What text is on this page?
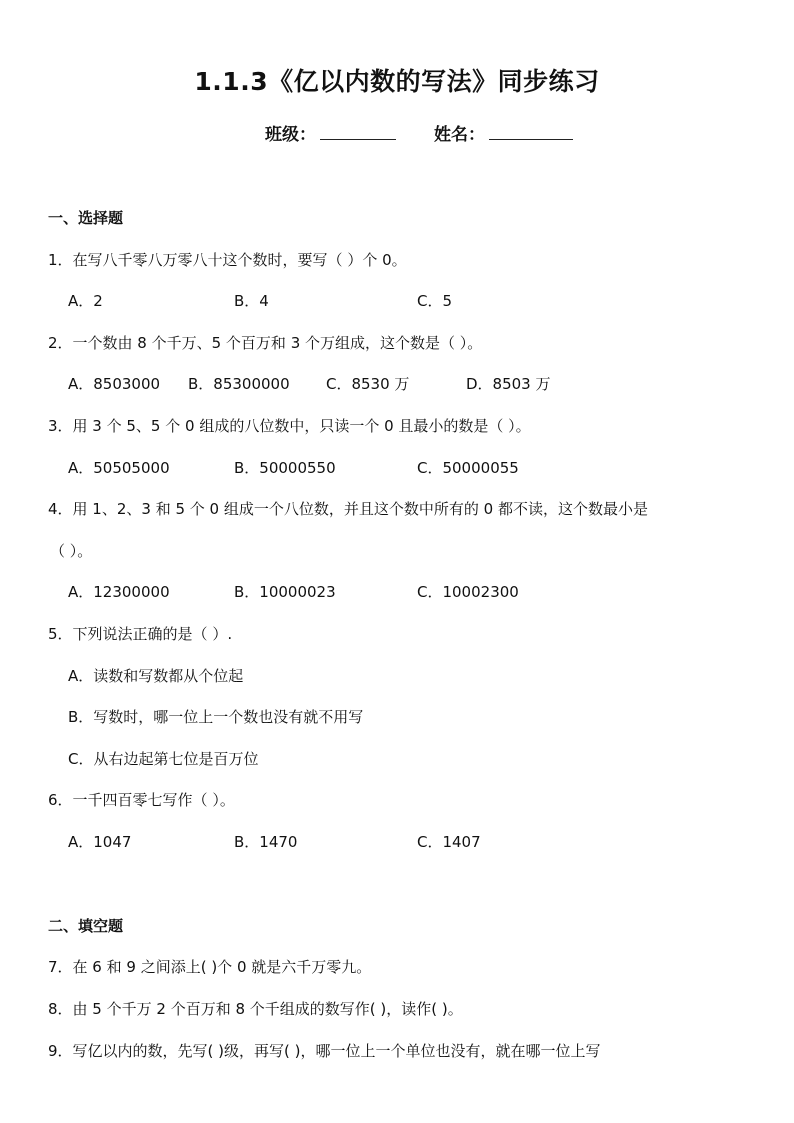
1.1.3《亿以内数的写法》同步练习
班级：	姓名：
一、选择题
1．在写八千零八万零八十这个数时，要写（ ）个 0。
A．2	B．4	C．5
2．一个数由 8 个千万、5 个百万和 3 个万组成，这个数是（ ）。
A．8503000 B．85300000 C．8530 万	D．8503 万
3．用 3 个 5、5 个 0 组成的八位数中，只读一个 0 且最小的数是（ ）。
A．50505000	B．50000550	C．50000055
4．用 1、2、3 和 5 个 0 组成一个八位数，并且这个数中所有的 0 都不读，这个数最小是
（ ）。
A．12300000	B．10000023	C．10002300
5．下列说法正确的是（ ）.
A．读数和写数都从个位起
B．写数时，哪一位上一个数也没有就不用写
C．从右边起第七位是百万位
6．一千四百零七写作（ ）。
A．1047	B．1470	C．1407
二、填空题
7．在 6 和 9 之间添上( )个 0 就是六千万零九。
8．由 5 个千万 2 个百万和 8 个千组成的数写作( )，读作( )。
9．写亿以内的数，先写( )级，再写( )，哪一位上一个单位也没有，就在哪一位上写
